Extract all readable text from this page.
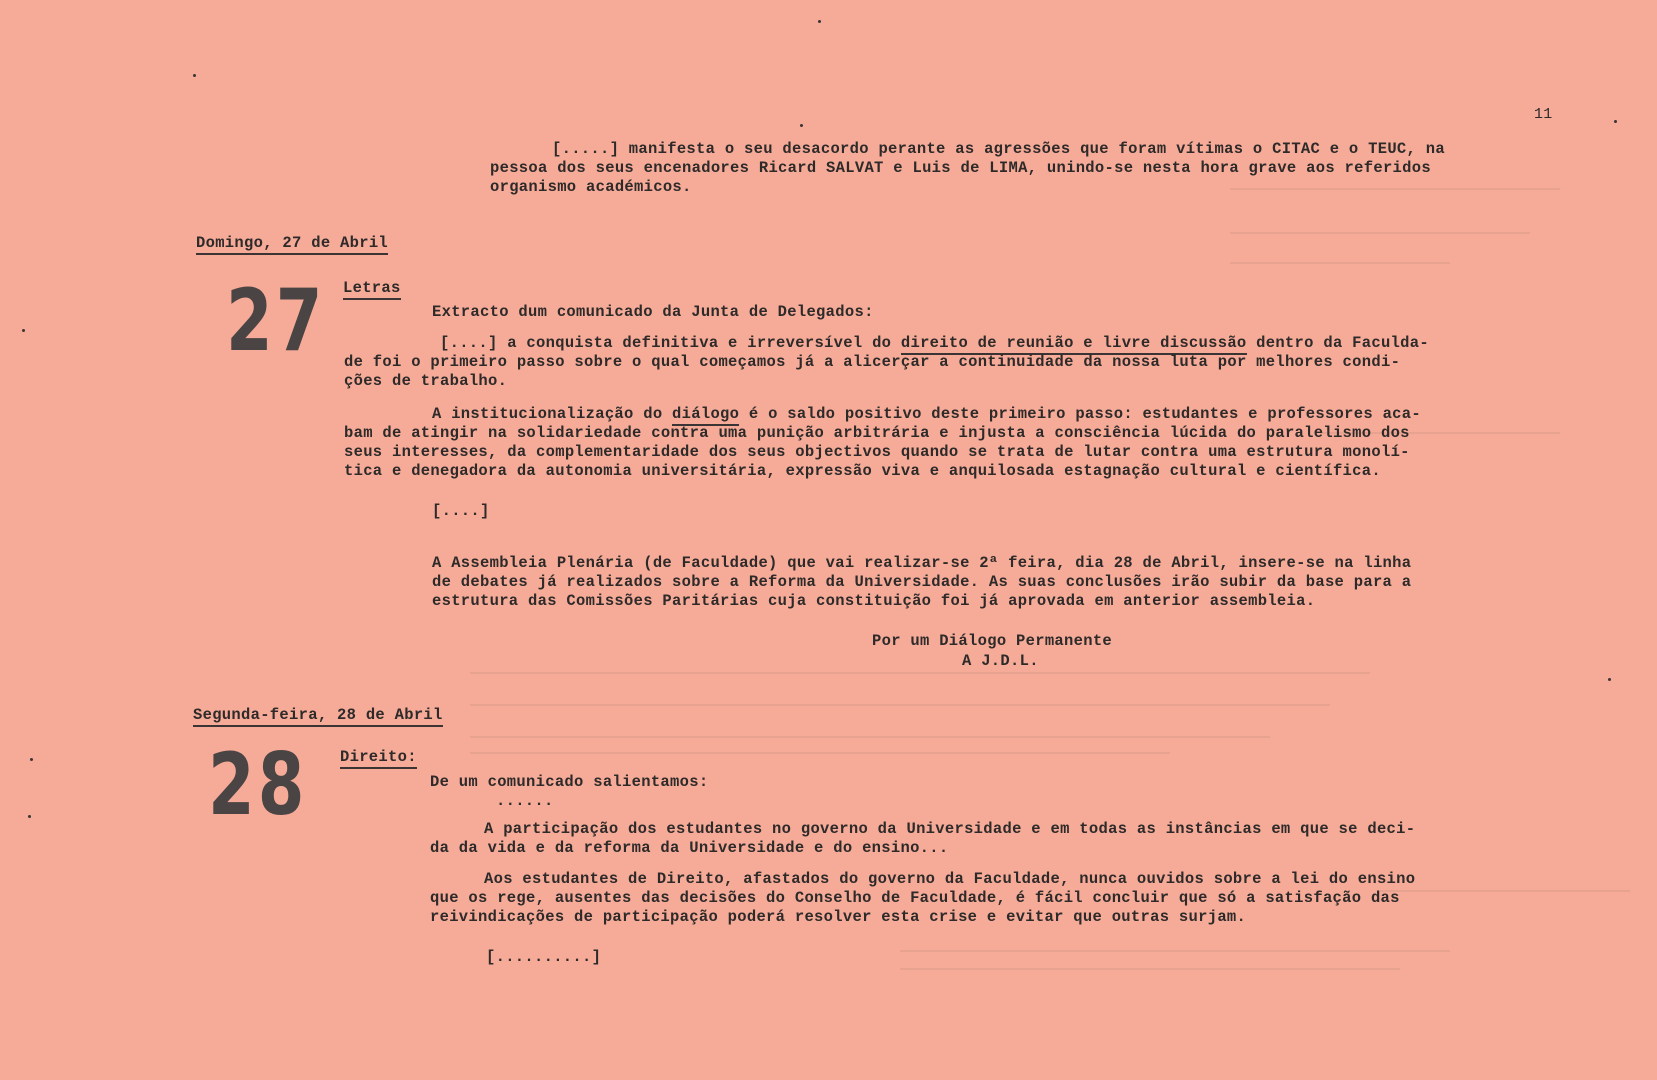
11
[.....] manifesta o seu desacordo perante as agressões que foram vítimas o CITAC e o TEUC, na
pessoa dos seus encenadores Ricard SALVAT e Luis de LIMA, unindo-se nesta hora grave aos referidos
organismo académicos.
Domingo, 27 de Abril
27 Letras
Extracto dum comunicado da Junta de Delegados:
[....] a conquista definitiva e irreversível do direito de reunião e livre discussão dentro da Faculda-
de foi o primeiro passo sobre o qual começamos já a alicerçar a continuidade da nossa luta por melhores condi-
ções de trabalho.
A institucionalização do diálogo é o saldo positivo deste primeiro passo: estudantes e professores aca-
bam de atingir na solidariedade contra uma punição arbitrária e injusta a consciência lúcida do paralelismo dos
seus interesses, da complementaridade dos seus objectivos quando se trata de lutar contra uma estrutura monolí-
tica e denegadora da autonomia universitária, expressão viva e anquilosada estagnação cultural e científica.
[....]
A Assembleia Plenária (de Faculdade) que vai realizar-se 2ª feira, dia 28 de Abril, insere-se na linha
de debates já realizados sobre a Reforma da Universidade. As suas conclusões irão subir da base para a
estrutura das Comissões Paritárias cuja constituição foi já aprovada em anterior assembleia.
Por um Diálogo Permanente
A J.D.L.
Segunda-feira, 28 de Abril
28 Direito:
De um comunicado salientamos:
......
A participação dos estudantes no governo da Universidade e em todas as instâncias em que se deci-
da da vida e da reforma da Universidade e do ensino...
Aos estudantes de Direito, afastados do governo da Faculdade, nunca ouvidos sobre a lei do ensino
que os rege, ausentes das decisões do Conselho de Faculdade, é fácil concluir que só a satisfação das
reivindicações de participação poderá resolver esta crise e evitar que outras surjam.
[..........]
